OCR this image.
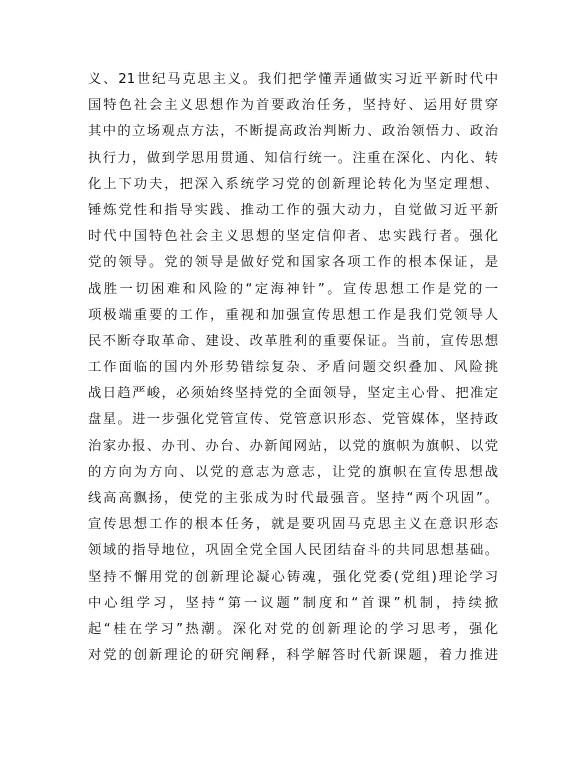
义、21世纪马克思主义。我们把学懂弄通做实习近平新时代中
国特色社会主义思想作为首要政治任务，坚持好、运用好贯穿
其中的立场观点方法，不断提高政治判断力、政治领悟力、政治
执行力，做到学思用贯通、知信行统一。注重在深化、内化、转
化上下功夫，把深入系统学习党的创新理论转化为坚定理想、
锤炼党性和指导实践、推动工作的强大动力，自觉做习近平新
时代中国特色社会主义思想的坚定信仰者、忠实践行者。强化
党的领导。党的领导是做好党和国家各项工作的根本保证，是
战胜一切困难和风险的“定海神针”。宣传思想工作是党的一
项极端重要的工作，重视和加强宣传思想工作是我们党领导人
民不断夺取革命、建设、改革胜利的重要保证。当前，宣传思想
工作面临的国内外形势错综复杂、矛盾问题交织叠加、风险挑
战日趋严峻，必须始终坚持党的全面领导，坚定主心骨、把准定
盘星。进一步强化党管宣传、党管意识形态、党管媒体，坚持政
治家办报、办刊、办台、办新闻网站，以党的旗帜为旗帜、以党
的方向为方向、以党的意志为意志，让党的旗帜在宣传思想战
线高高飘扬，使党的主张成为时代最强音。坚持“两个巩固”。
宣传思想工作的根本任务，就是要巩固马克思主义在意识形态
领域的指导地位，巩固全党全国人民团结奋斗的共同思想基础。
坚持不懈用党的创新理论凝心铸魂，强化党委(党组)理论学习
中心组学习，坚持“第一议题”制度和“首课”机制，持续掀
起“桂在学习”热潮。深化对党的创新理论的学习思考，强化
对党的创新理论的研究阐释，科学解答时代新课题，着力推进
